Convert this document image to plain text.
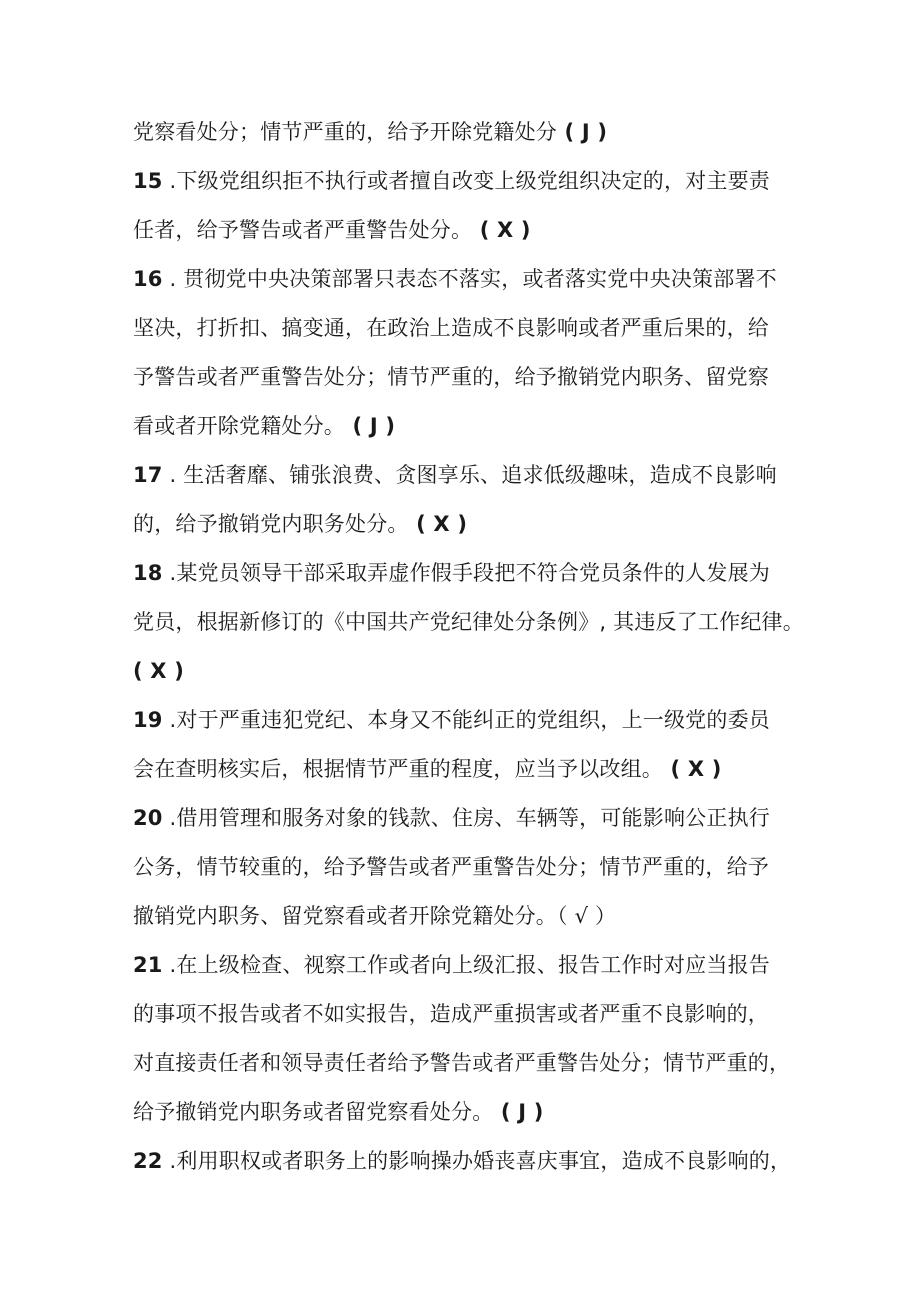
党察看处分；情节严重的，给予开除党籍处分 ( J )
15 .下级党组织拒不执行或者擅自改变上级党组织决定的，对主要责
任者，给予警告或者严重警告处分。 ( X )
16 . 贯彻党中央决策部署只表态不落实，或者落实党中央决策部署不
坚决，打折扣、搞变通，在政治上造成不良影响或者严重后果的，给
予警告或者严重警告处分；情节严重的，给予撤销党内职务、留党察
看或者开除党籍处分。 ( J )
17 . 生活奢靡、铺张浪费、贪图享乐、追求低级趣味，造成不良影响
的，给予撤销党内职务处分。 ( X )
18 .某党员领导干部采取弄虚作假手段把不符合党员条件的人发展为
党员，根据新修订的《中国共产党纪律处分条例》, 其违反了工作纪律。
( X )
19 .对于严重违犯党纪、本身又不能纠正的党组织，上一级党的委员
会在查明核实后，根据情节严重的程度，应当予以改组。 ( X )
20 .借用管理和服务对象的钱款、住房、车辆等，可能影响公正执行
公务，情节较重的，给予警告或者严重警告处分；情节严重的，给予
撤销党内职务、留党察看或者开除党籍处分。（ √ ）
21 .在上级检查、视察工作或者向上级汇报、报告工作时对应当报告
的事项不报告或者不如实报告，造成严重损害或者严重不良影响的，
对直接责任者和领导责任者给予警告或者严重警告处分；情节严重的，
给予撤销党内职务或者留党察看处分。 ( J )
22 .利用职权或者职务上的影响操办婚丧喜庆事宜，造成不良影响的，
